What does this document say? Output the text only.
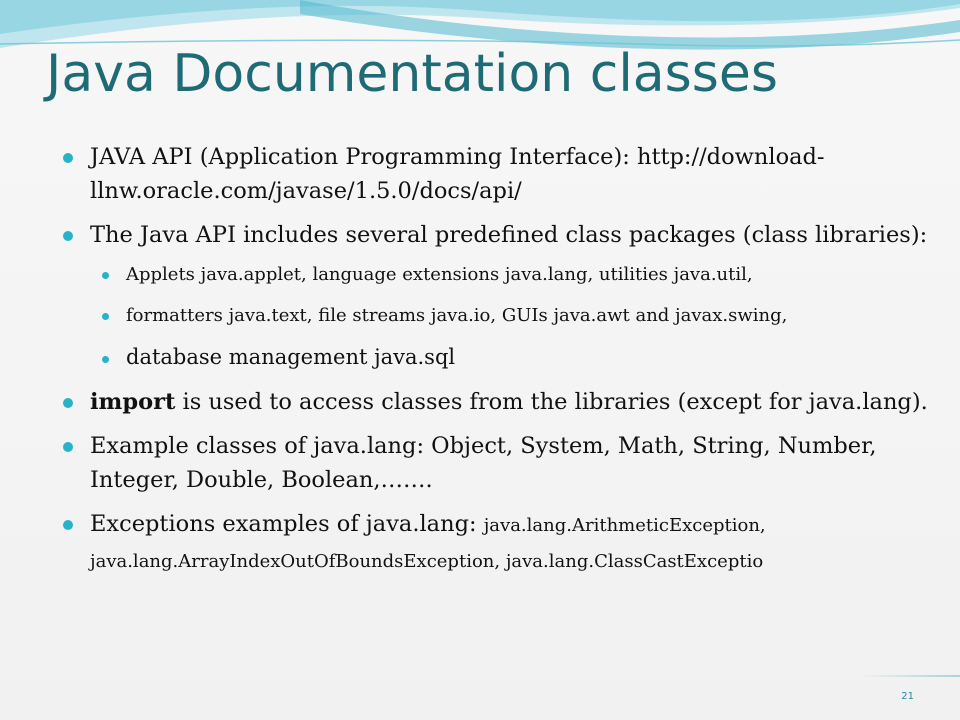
Java Documentation classes
JAVA API (Application Programming Interface): http://download-llnw.oracle.com/javase/1.5.0/docs/api/
The Java API includes several predefined class packages (class libraries):
Applets java.applet, language extensions java.lang, utilities java.util,
formatters java.text, file streams java.io, GUIs java.awt and javax.swing,
database management java.sql
import is used to access classes from the libraries (except for java.lang).
Example classes of java.lang: Object, System, Math, String, Number, Integer, Double, Boolean,…….
Exceptions examples of java.lang: java.lang.ArithmeticException, java.lang.ArrayIndexOutOfBoundsException, java.lang.ClassCastExceptio
21
